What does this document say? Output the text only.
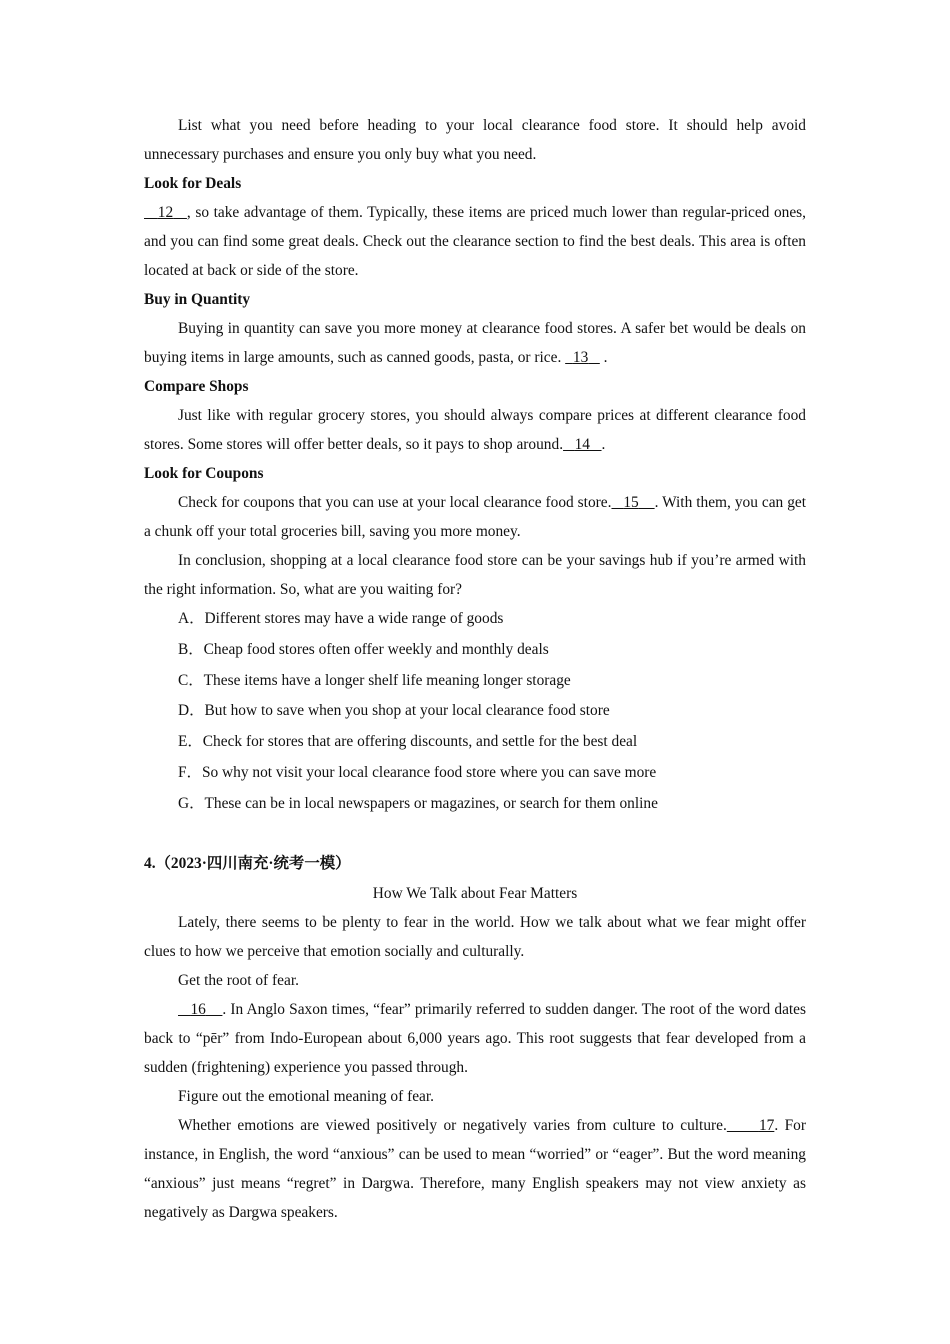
List what you need before heading to your local clearance food store. It should help avoid unnecessary purchases and ensure you only buy what you need.

Look for Deals

12 , so take advantage of them. Typically, these items are priced much lower than regular-priced ones, and you can find some great deals. Check out the clearance section to find the best deals. This area is often located at back or side of the store.

Buy in Quantity

Buying in quantity can save you more money at clearance food stores. A safer bet would be deals on buying items in large amounts, such as canned goods, pasta, or rice. 13 .

Compare Shops

Just like with regular grocery stores, you should always compare prices at different clearance food stores. Some stores will offer better deals, so it pays to shop around. 14 .

Look for Coupons

Check for coupons that you can use at your local clearance food store. 15 . With them, you can get a chunk off your total groceries bill, saving you more money.

In conclusion, shopping at a local clearance food store can be your savings hub if you’re armed with the right information. So, what are you waiting for?

A．Different stores may have a wide range of goods

B．Cheap food stores often offer weekly and monthly deals

C．These items have a longer shelf life meaning longer storage

D．But how to save when you shop at your local clearance food store

E．Check for stores that are offering discounts, and settle for the best deal

F．So why not visit your local clearance food store where you can save more

G．These can be in local newspapers or magazines, or search for them online

4.（2023·四川南充·统考一模）

How We Talk about Fear Matters

Lately, there seems to be plenty to fear in the world. How we talk about what we fear might offer clues to how we perceive that emotion socially and culturally.

Get the root of fear.

16 . In Anglo Saxon times, “fear” primarily referred to sudden danger. The root of the word dates back to “pēr” from Indo-European about 6,000 years ago. This root suggests that fear developed from a sudden (frightening) experience you passed through.

Figure out the emotional meaning of fear.

Whether emotions are viewed positively or negatively varies from culture to culture. 17. For instance, in English, the word “anxious” can be used to mean “worried” or “eager”. But the word meaning “anxious” just means “regret” in Dargwa. Therefore, many English speakers may not view anxiety as negatively as Dargwa speakers.
